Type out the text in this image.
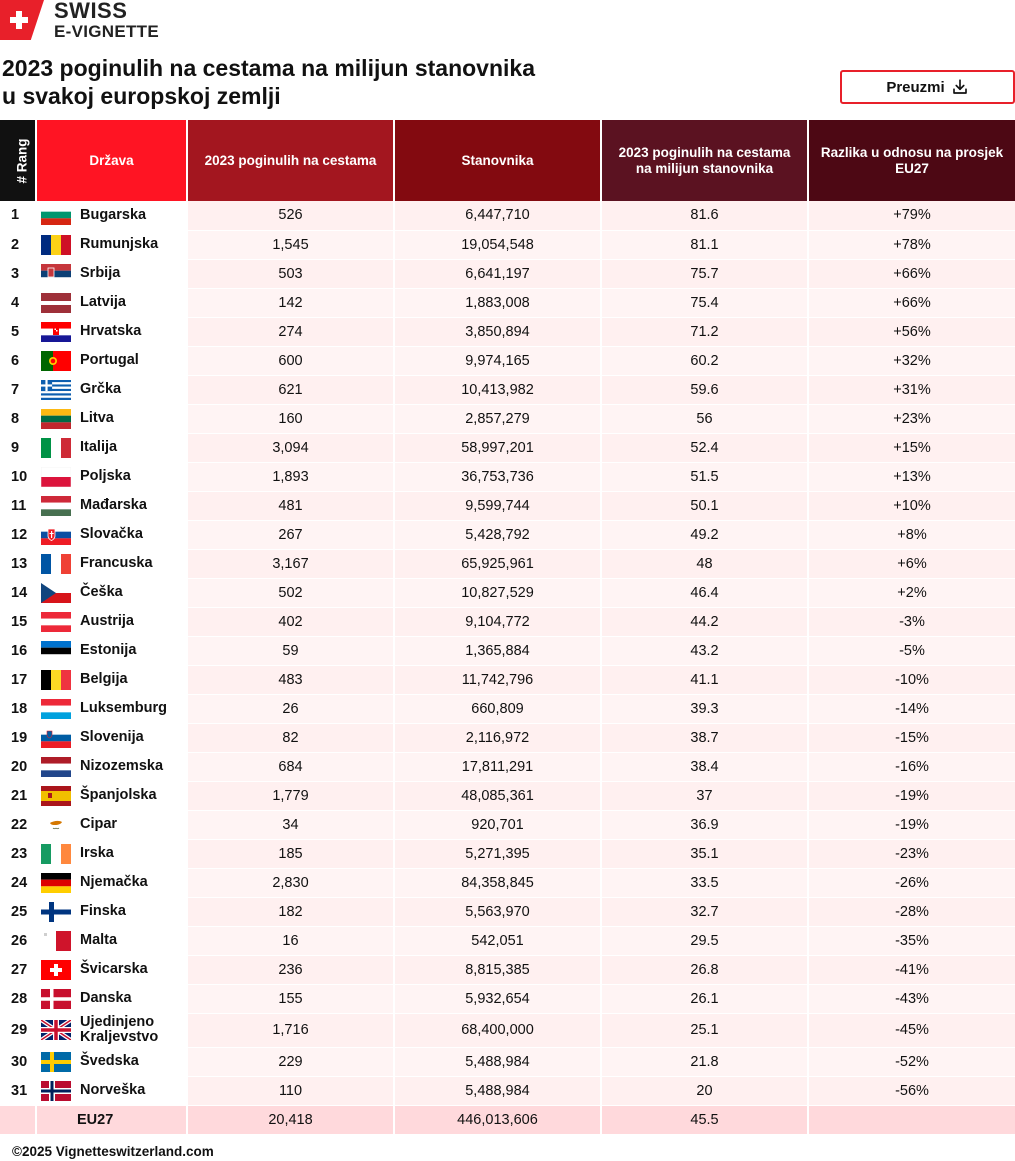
SWISS
E-VIGNETTE
2023 poginulih na cestama na milijun stanovnika
u svakoj europskoj zemlji	Preuzmi
# Rang	Država	2023 poginulih na cestama	Stanovnika	2023 poginulih na cestama na milijun stanovnika	Razlika u odnosu na prosjek EU27
1	Bugarska	526	6,447,710	81.6	+79%
2	Rumunjska	1,545	19,054,548	81.1	+78%
3	Srbija	503	6,641,197	75.7	+66%
4	Latvija	142	1,883,008	75.4	+66%
5	Hrvatska	274	3,850,894	71.2	+56%
6	Portugal	600	9,974,165	60.2	+32%
7	Grčka	621	10,413,982	59.6	+31%
8	Litva	160	2,857,279	56	+23%
9	Italija	3,094	58,997,201	52.4	+15%
10	Poljska	1,893	36,753,736	51.5	+13%
11	Mađarska	481	9,599,744	50.1	+10%
12	Slovačka	267	5,428,792	49.2	+8%
13	Francuska	3,167	65,925,961	48	+6%
14	Češka	502	10,827,529	46.4	+2%
15	Austrija	402	9,104,772	44.2	-3%
16	Estonija	59	1,365,884	43.2	-5%
17	Belgija	483	11,742,796	41.1	-10%
18	Luksemburg	26	660,809	39.3	-14%
19	Slovenija	82	2,116,972	38.7	-15%
20	Nizozemska	684	17,811,291	38.4	-16%
21	Španjolska	1,779	48,085,361	37	-19%
22	Cipar	34	920,701	36.9	-19%
23	Irska	185	5,271,395	35.1	-23%
24	Njemačka	2,830	84,358,845	33.5	-26%
25	Finska	182	5,563,970	32.7	-28%
26	Malta	16	542,051	29.5	-35%
27	Švicarska	236	8,815,385	26.8	-41%
28	Danska	155	5,932,654	26.1	-43%
29	Ujedinjeno Kraljevstvo	1,716	68,400,000	25.1	-45%
30	Švedska	229	5,488,984	21.8	-52%
31	Norveška	110	5,488,984	20	-56%
	EU27	20,418	446,013,606	45.5	
©2025 Vignetteswitzerland.com
